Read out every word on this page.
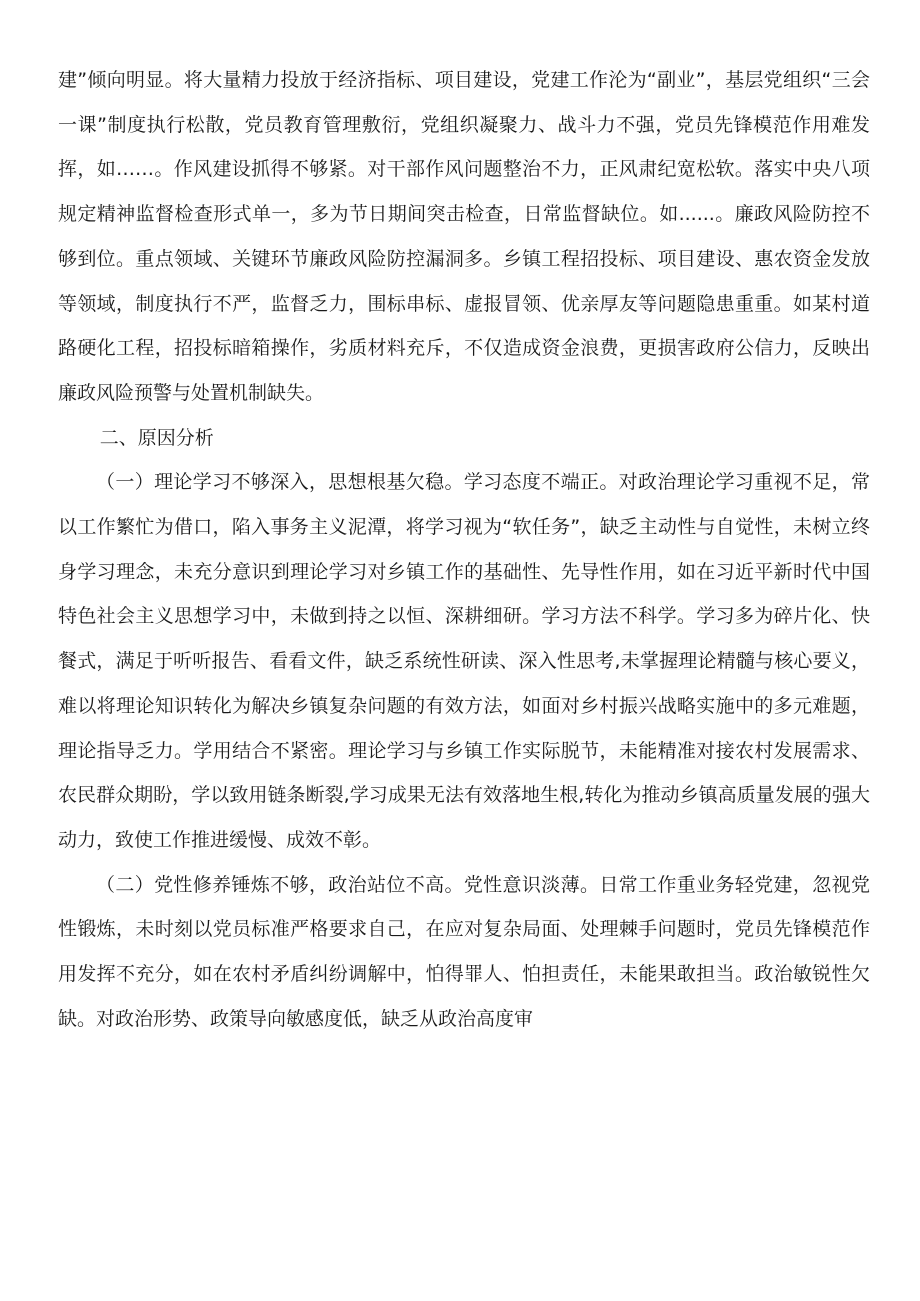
建”倾向明显。将大量精力投放于经济指标、项目建设，党建工作沦为“副业”，基层党组织“三会一课”制度执行松散，党员教育管理敷衍，党组织凝聚力、战斗力不强，党员先锋模范作用难发挥，如……。作风建设抓得不够紧。对干部作风问题整治不力，正风肃纪宽松软。落实中央八项规定精神监督检查形式单一，多为节日期间突击检查，日常监督缺位。如......。廉政风险防控不够到位。重点领域、关键环节廉政风险防控漏洞多。乡镇工程招投标、项目建设、惠农资金发放等领域，制度执行不严，监督乏力，围标串标、虚报冒领、优亲厚友等问题隐患重重。如某村道路硬化工程，招投标暗箱操作，劣质材料充斥，不仅造成资金浪费，更损害政府公信力，反映出廉政风险预警与处置机制缺失。

二、原因分析

（一）理论学习不够深入，思想根基欠稳。学习态度不端正。对政治理论学习重视不足，常以工作繁忙为借口，陷入事务主义泥潭，将学习视为“软任务”，缺乏主动性与自觉性，未树立终身学习理念，未充分意识到理论学习对乡镇工作的基础性、先导性作用，如在习近平新时代中国特色社会主义思想学习中，未做到持之以恒、深耕细研。学习方法不科学。学习多为碎片化、快餐式，满足于听听报告、看看文件，缺乏系统性研读、深入性思考,未掌握理论精髓与核心要义，难以将理论知识转化为解决乡镇复杂问题的有效方法，如面对乡村振兴战略实施中的多元难题，理论指导乏力。学用结合不紧密。理论学习与乡镇工作实际脱节，未能精准对接农村发展需求、农民群众期盼，学以致用链条断裂,学习成果无法有效落地生根,转化为推动乡镇高质量发展的强大动力，致使工作推进缓慢、成效不彰。

（二）党性修养锤炼不够，政治站位不高。党性意识淡薄。日常工作重业务轻党建，忽视党性锻炼，未时刻以党员标准严格要求自己，在应对复杂局面、处理棘手问题时，党员先锋模范作用发挥不充分，如在农村矛盾纠纷调解中，怕得罪人、怕担责任，未能果敢担当。政治敏锐性欠缺。对政治形势、政策导向敏感度低，缺乏从政治高度审
